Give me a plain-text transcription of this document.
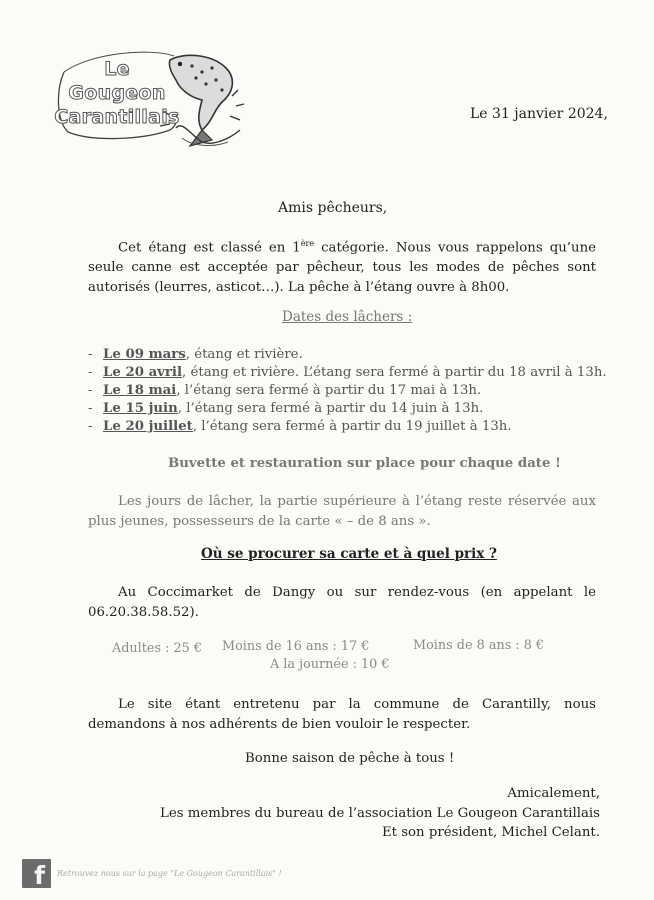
Le
Gougeon
Carantillais	Le 31 janvier 2024,
Amis pêcheurs,
Cet étang est classé en 1ère catégorie. Nous vous rappelons qu’une seule canne est acceptée par pêcheur, tous les modes de pêches sont autorisés (leurres, asticot…). La pêche à l’étang ouvre à 8h00.
Dates des lâchers :
- Le 09 mars, étang et rivière.
- Le 20 avril, étang et rivière. L’étang sera fermé à partir du 18 avril à 13h.
- Le 18 mai, l’étang sera fermé à partir du 17 mai à 13h.
- Le 15 juin, l’étang sera fermé à partir du 14 juin à 13h.
- Le 20 juillet, l’étang sera fermé à partir du 19 juillet à 13h.
Buvette et restauration sur place pour chaque date !
Les jours de lâcher, la partie supérieure à l’étang reste réservée aux plus jeunes, possesseurs de la carte « – de 8 ans ».
Où se procurer sa carte et à quel prix ?
Au Coccimarket de Dangy ou sur rendez-vous (en appelant le 06.20.38.58.52).
Adultes : 25 € Moins de 16 ans : 17 €	Moins de 8 ans : 8 €
A la journée : 10 €
Le site étant entretenu par la commune de Carantilly, nous demandons à nos adhérents de bien vouloir le respecter.
Bonne saison de pêche à tous !
Amicalement,
Les membres du bureau de l’association Le Gougeon Carantillais
Et son président, Michel Celant.
f Retrouvez nous sur la page "Le Gougeon Carantillais" !
